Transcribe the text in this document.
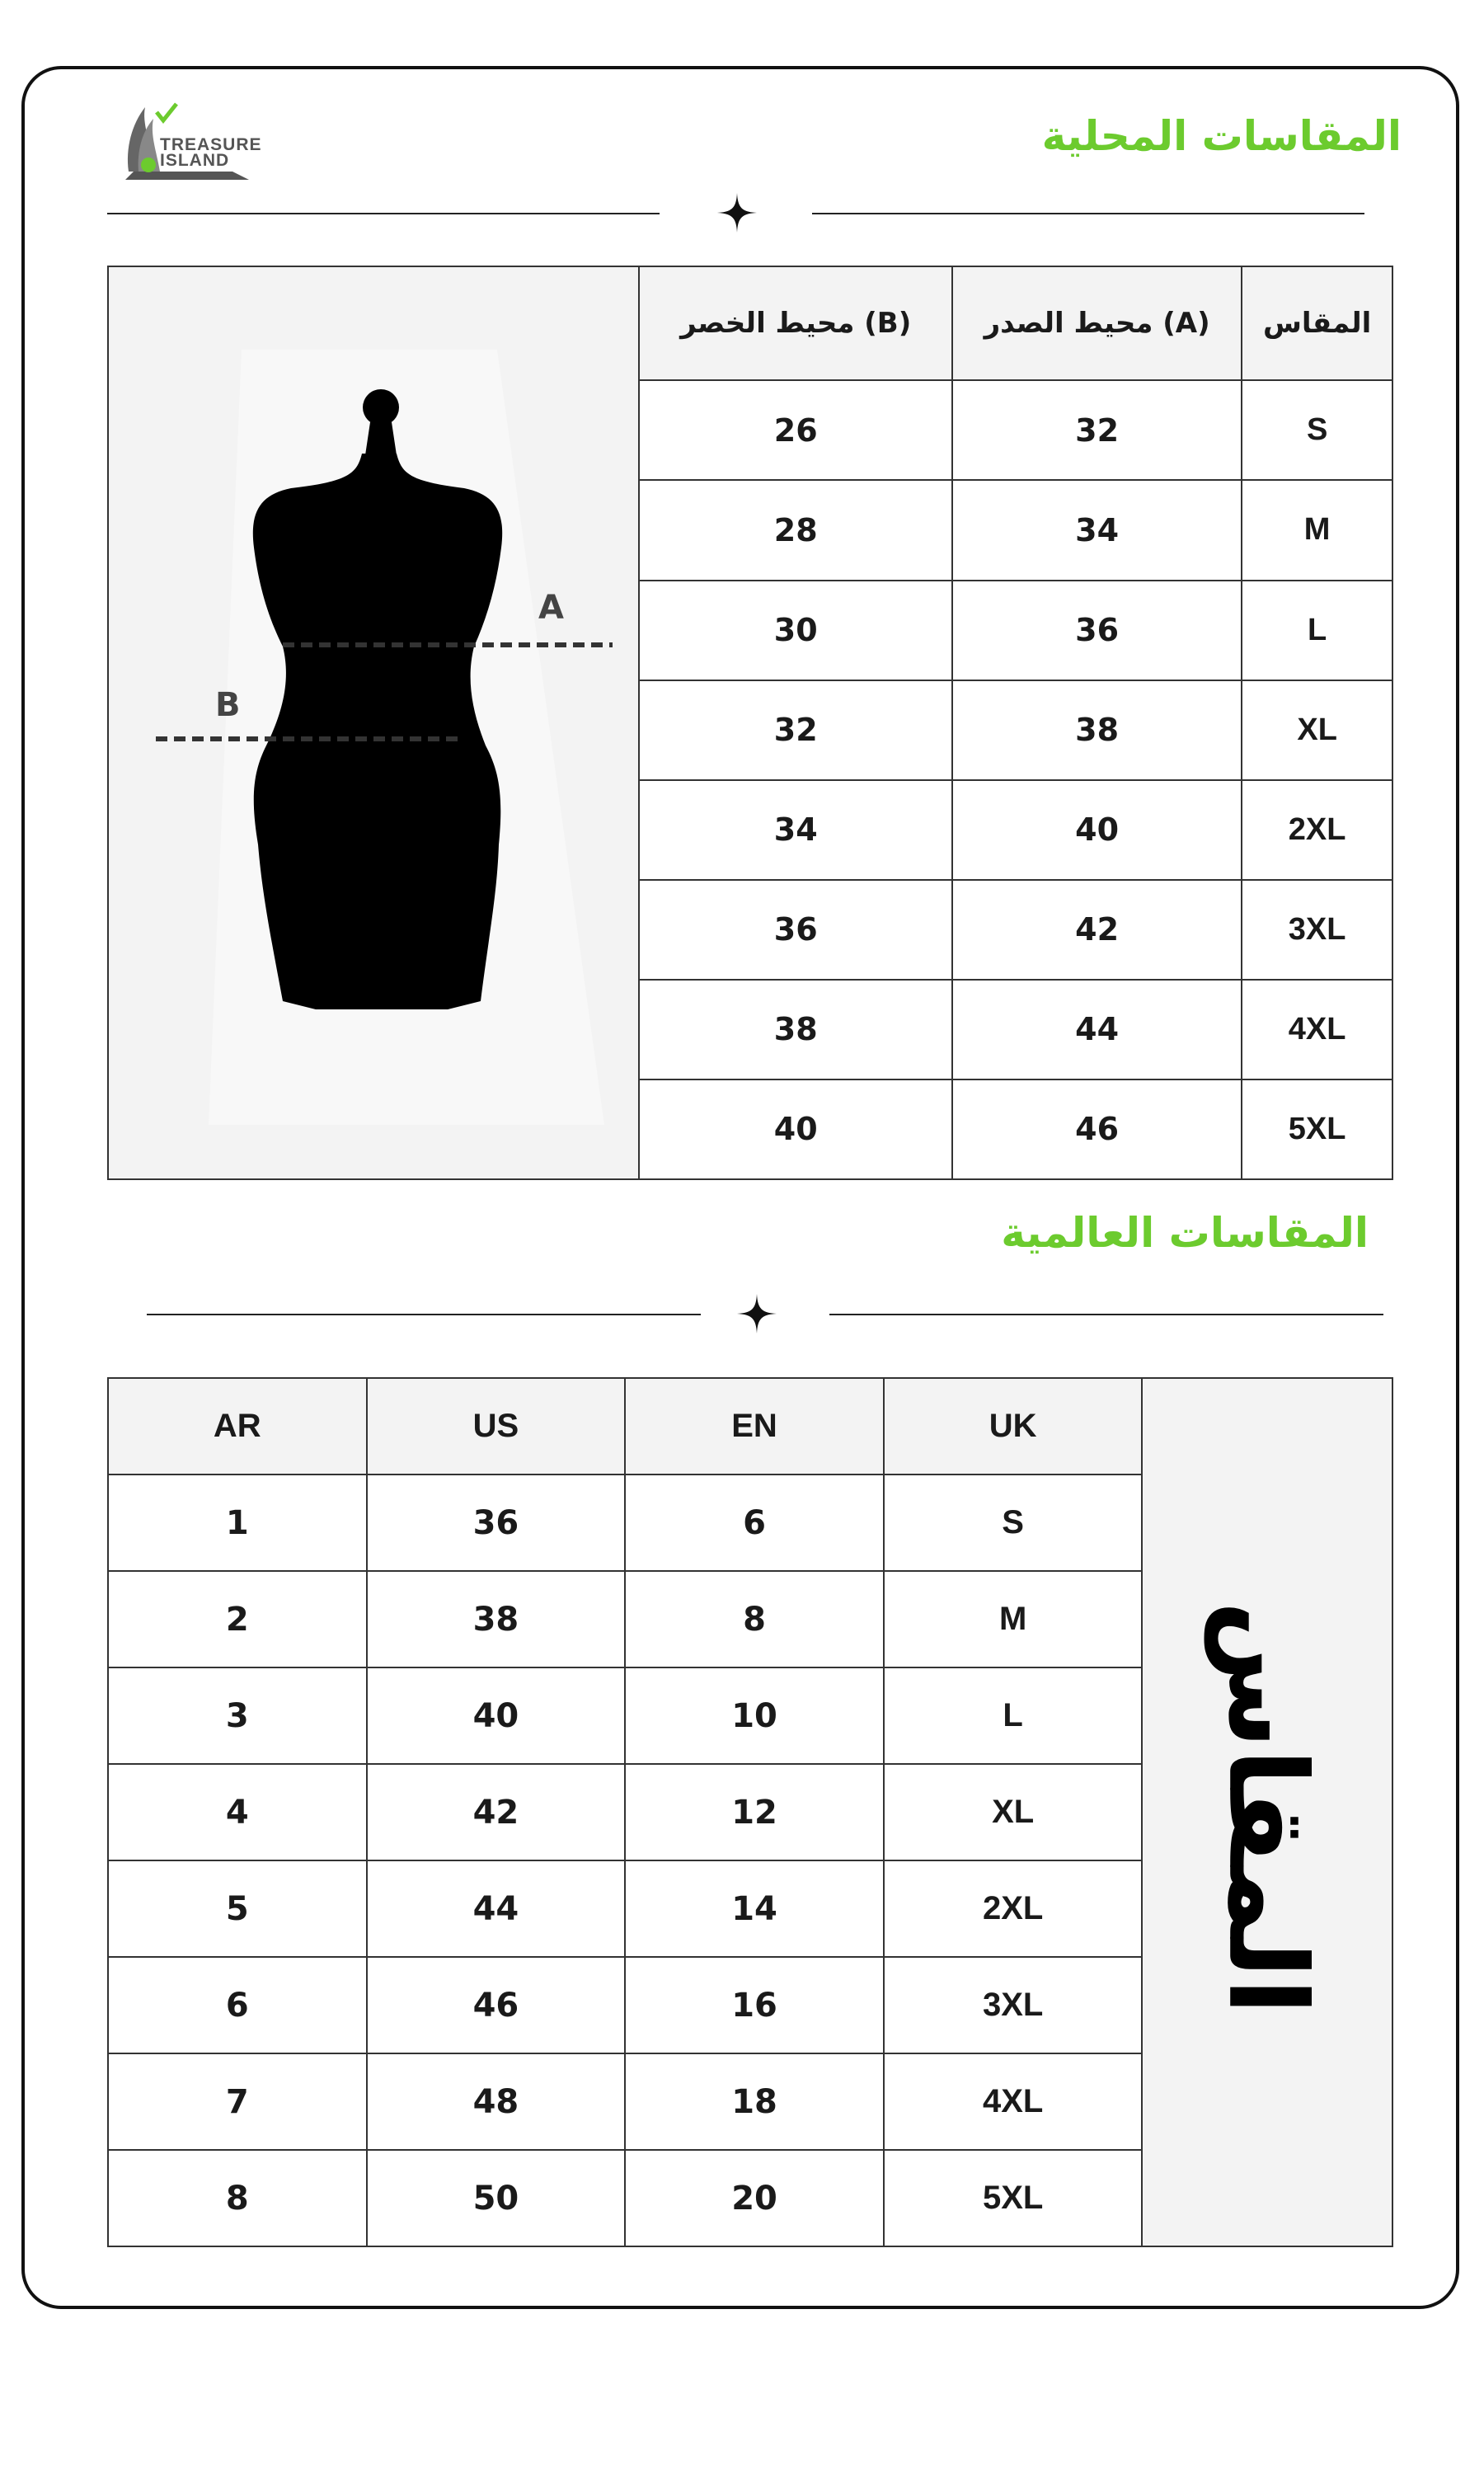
TREASURE
ISLAND
المقاسات المحلية
A
B	محيط الخصر (B)	محيط الصدر (A)	المقاس
	26	32	S
	28	34	M
	30	36	L
	32	38	XL
	34	40	2XL
	36	42	3XL
	38	44	4XL
	40	46	5XL
المقاسات العالمية
AR	US	EN	UK	المقاس
1	36	6	S	
2	38	8	M	
3	40	10	L	
4	42	12	XL	
5	44	14	2XL	
6	46	16	3XL	
7	48	18	4XL	
8	50	20	5XL	
